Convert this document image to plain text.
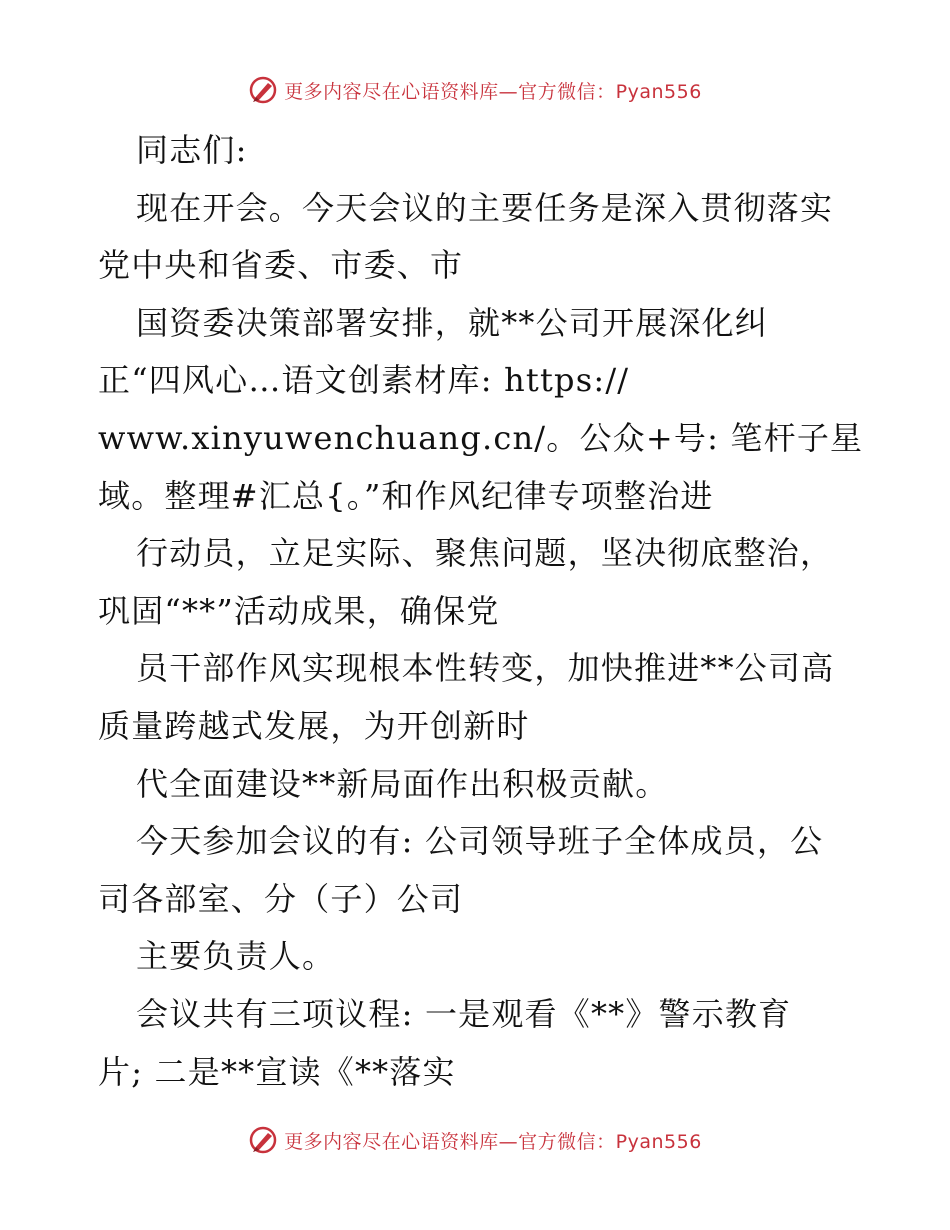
更多内容尽在心语资料库—官方微信：Pyan556
同志们:
现在开会。今天会议的主要任务是深入贯彻落实
党中央和省委、市委、市
国资委决策部署安排，就**公司开展深化纠
正“四风心…语文创素材库: https://
www.xinyuwenchuang.cn/。公众+号: 笔杆子星
域。整理#汇总{。”和作风纪律专项整治进
行动员，立足实际、聚焦问题，坚决彻底整治，
巩固“**”活动成果，确保党
员干部作风实现根本性转变，加快推进**公司高
质量跨越式发展，为开创新时
代全面建设**新局面作出积极贡献。
今天参加会议的有: 公司领导班子全体成员，公
司各部室、分（子）公司
主要负责人。
会议共有三项议程: 一是观看《**》警示教育
片; 二是**宣读《**落实
更多内容尽在心语资料库—官方微信：Pyan556
